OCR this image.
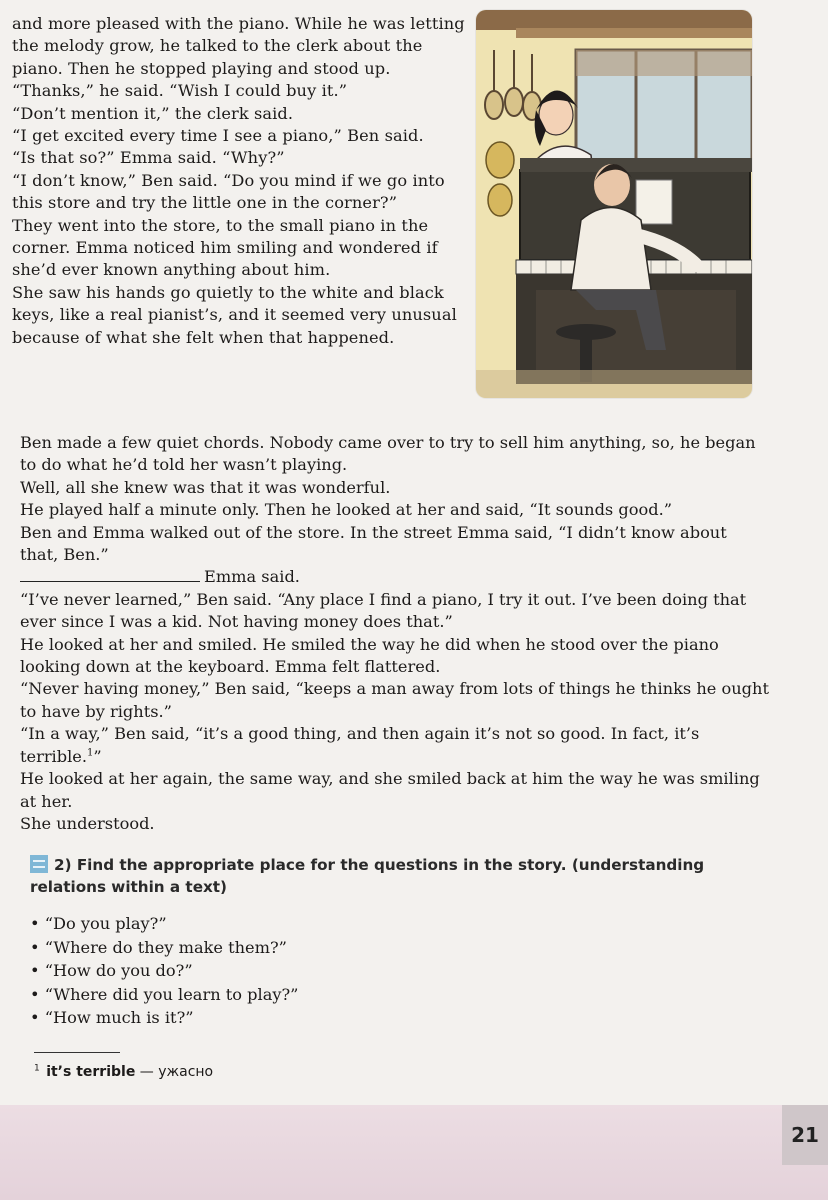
and more pleased with the piano. While he was letting the melody grow, he talked to the clerk about the piano. Then he stopped playing and stood up.

“Thanks,” he said. “Wish I could buy it.”

“Don’t mention it,” the clerk said.

“I get excited every time I see a piano,” Ben said.

“Is that so?” Emma said. “Why?”

“I don’t know,” Ben said. “Do you mind if we go into this store and try the little one in the corner?”

They went into the store, to the small piano in the corner. Emma noticed him smiling and wondered if she’d ever known anything about him.

She saw his hands go quietly to the white and black keys, like a real pianist’s, and it seemed very unusual because of what she felt when that happened.

Ben made a few quiet chords. Nobody came over to try to sell him anything, so, he began to do what he’d told her wasn’t playing.

Well, all she knew was that it was wonderful.

He played half a minute only. Then he looked at her and said, “It sounds good.”

Ben and Emma walked out of the store. In the street Emma said, “I didn’t know about that, Ben.”

Emma said.

“I’ve never learned,” Ben said. “Any place I find a piano, I try it out. I’ve been doing that ever since I was a kid. Not having money does that.”

He looked at her and smiled. He smiled the way he did when he stood over the piano looking down at the keyboard. Emma felt flattered.

“Never having money,” Ben said, “keeps a man away from lots of things he thinks he ought to have by rights.”

“In a way,” Ben said, “it’s a good thing, and then again it’s not so good. In fact, it’s terrible.$^1$”

He looked at her again, the same way, and she smiled back at him the way he was smiling at her.

She understood.

2) Find the appropriate place for the questions in the story. (understanding relations within a text)
• “Do you play?”
• “Where do they make them?”
• “How do you do?”
• “Where did you learn to play?”
• “How much is it?”
$^1$ it’s terrible — ужасно
21
